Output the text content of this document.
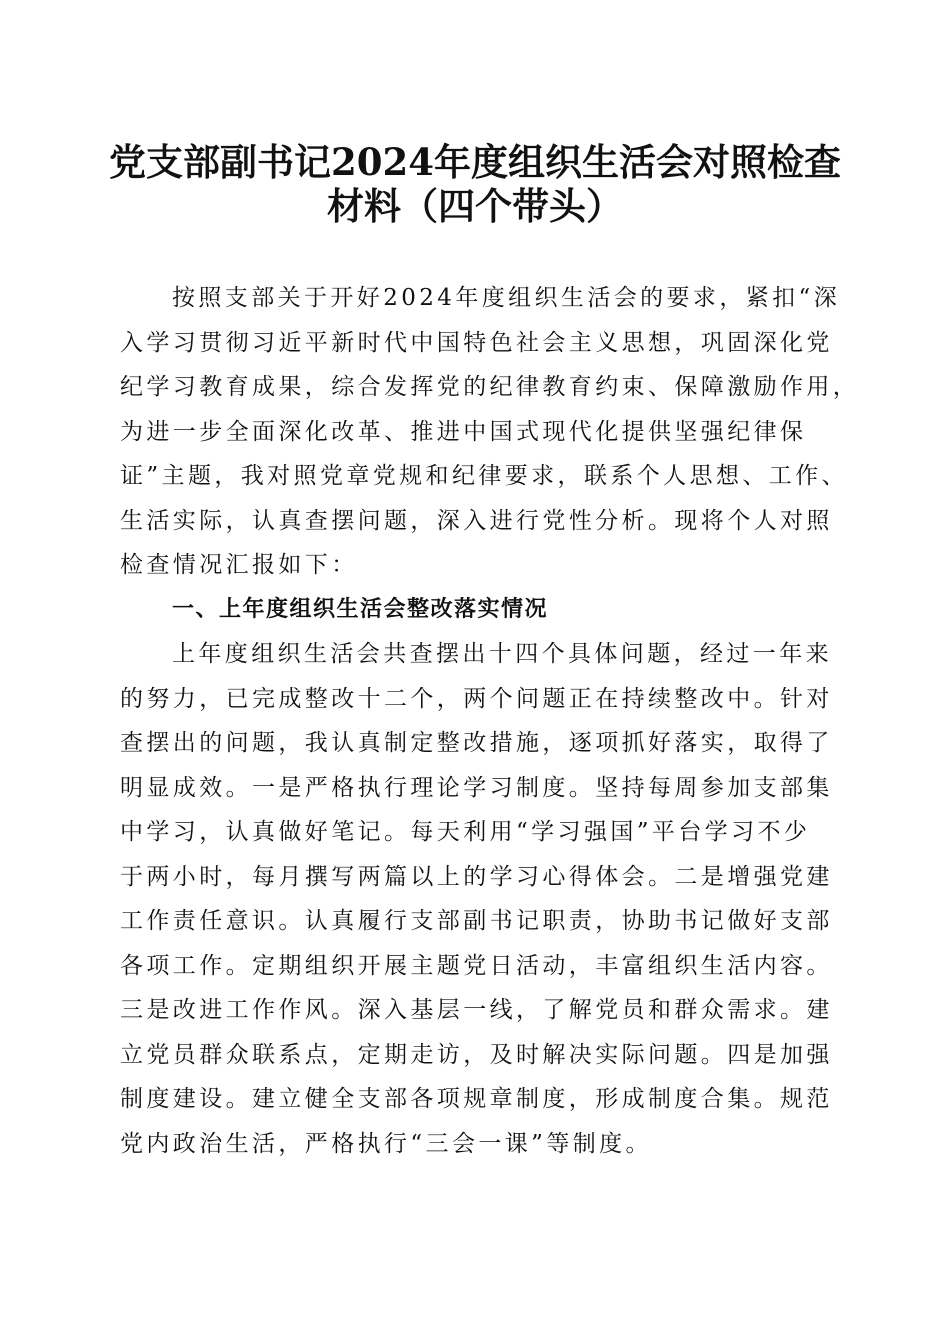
党支部副书记2024年度组织生活会对照检查
材料（四个带头）
按照支部关于开好2024年度组织生活会的要求，紧扣“深
入学习贯彻习近平新时代中国特色社会主义思想，巩固深化党
纪学习教育成果，综合发挥党的纪律教育约束、保障激励作用，
为进一步全面深化改革、推进中国式现代化提供坚强纪律保
证”主题，我对照党章党规和纪律要求，联系个人思想、工作、
生活实际，认真查摆问题，深入进行党性分析。现将个人对照
检查情况汇报如下：
一、上年度组织生活会整改落实情况
上年度组织生活会共查摆出十四个具体问题，经过一年来
的努力，已完成整改十二个，两个问题正在持续整改中。针对
查摆出的问题，我认真制定整改措施，逐项抓好落实，取得了
明显成效。一是严格执行理论学习制度。坚持每周参加支部集
中学习，认真做好笔记。每天利用“学习强国”平台学习不少
于两小时，每月撰写两篇以上的学习心得体会。二是增强党建
工作责任意识。认真履行支部副书记职责，协助书记做好支部
各项工作。定期组织开展主题党日活动，丰富组织生活内容。
三是改进工作作风。深入基层一线，了解党员和群众需求。建
立党员群众联系点，定期走访，及时解决实际问题。四是加强
制度建设。建立健全支部各项规章制度，形成制度合集。规范
党内政治生活，严格执行“三会一课”等制度。
